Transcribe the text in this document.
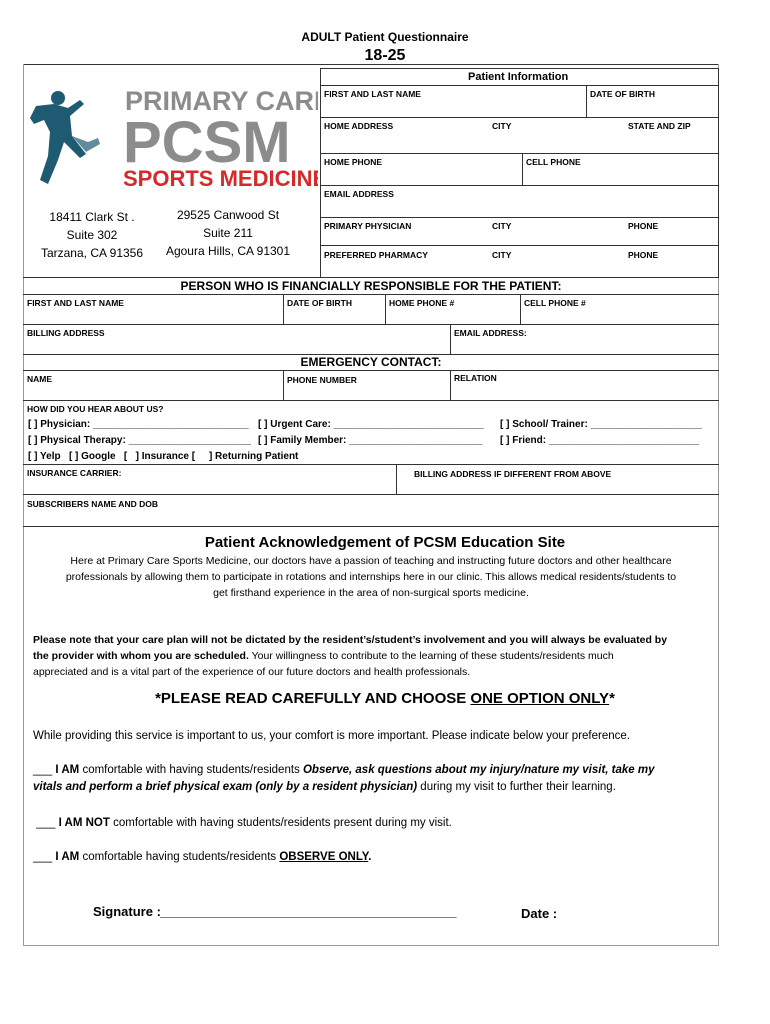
ADULT Patient Questionnaire
18-25
PRIMARY CARE
PCSM
SPORTS MEDICINE
18411 Clark St .
Suite 302
Tarzana, CA 91356
29525 Canwood St
Suite 211
Agoura Hills, CA 91301
Patient Information
FIRST AND LAST NAME	DATE OF BIRTH
HOME ADDRESS	CITY	STATE AND ZIP
HOME PHONE	CELL PHONE
EMAIL ADDRESS
PRIMARY PHYSICIAN	CITY	PHONE
PREFERRED PHARMACY	CITY	PHONE
PERSON WHO IS FINANCIALLY RESPONSIBLE FOR THE PATIENT:
FIRST AND LAST NAME	DATE OF BIRTH	HOME PHONE #	CELL PHONE #
BILLING ADDRESS	EMAIL ADDRESS:
EMERGENCY CONTACT:
NAME	PHONE NUMBER	RELATION
HOW DID YOU HEAR ABOUT US?
[ ] Physician: ____________________________ [ ] Urgent Care: ___________________________ [ ] School/ Trainer: ____________________
[ ] Physical Therapy: ______________________ [ ] Family Member: ________________________ [ ] Friend: ___________________________
[ ] Yelp   [ ] Google   [   ] Insurance [     ] Returning Patient
INSURANCE CARRIER:	BILLING ADDRESS IF DIFFERENT FROM ABOVE
SUBSCRIBERS NAME AND DOB
Patient Acknowledgement of PCSM Education Site
Here at Primary Care Sports Medicine, our doctors have a passion of teaching and instructing future doctors and other healthcare
professionals by allowing them to participate in rotations and internships here in our clinic. This allows medical residents/students to
get firsthand experience in the area of non-surgical sports medicine.
Please note that your care plan will not be dictated by the resident’s/student’s involvement and you will always be evaluated by
the provider with whom you are scheduled. Your willingness to contribute to the learning of these students/residents much
appreciated and is a vital part of the experience of our future doctors and health professionals.
*PLEASE READ CAREFULLY AND CHOOSE ONE OPTION ONLY*
While providing this service is important to us, your comfort is more important. Please indicate below your preference.
___ I AM comfortable with having students/residents Observe, ask questions about my injury/nature my visit, take my
vitals and perform a brief physical exam (only by a resident physician) during my visit to further their learning.
___ I AM NOT comfortable with having students/residents present during my visit.
___ I AM comfortable having students/residents OBSERVE ONLY.
Signature : _________________________________________	Date :
